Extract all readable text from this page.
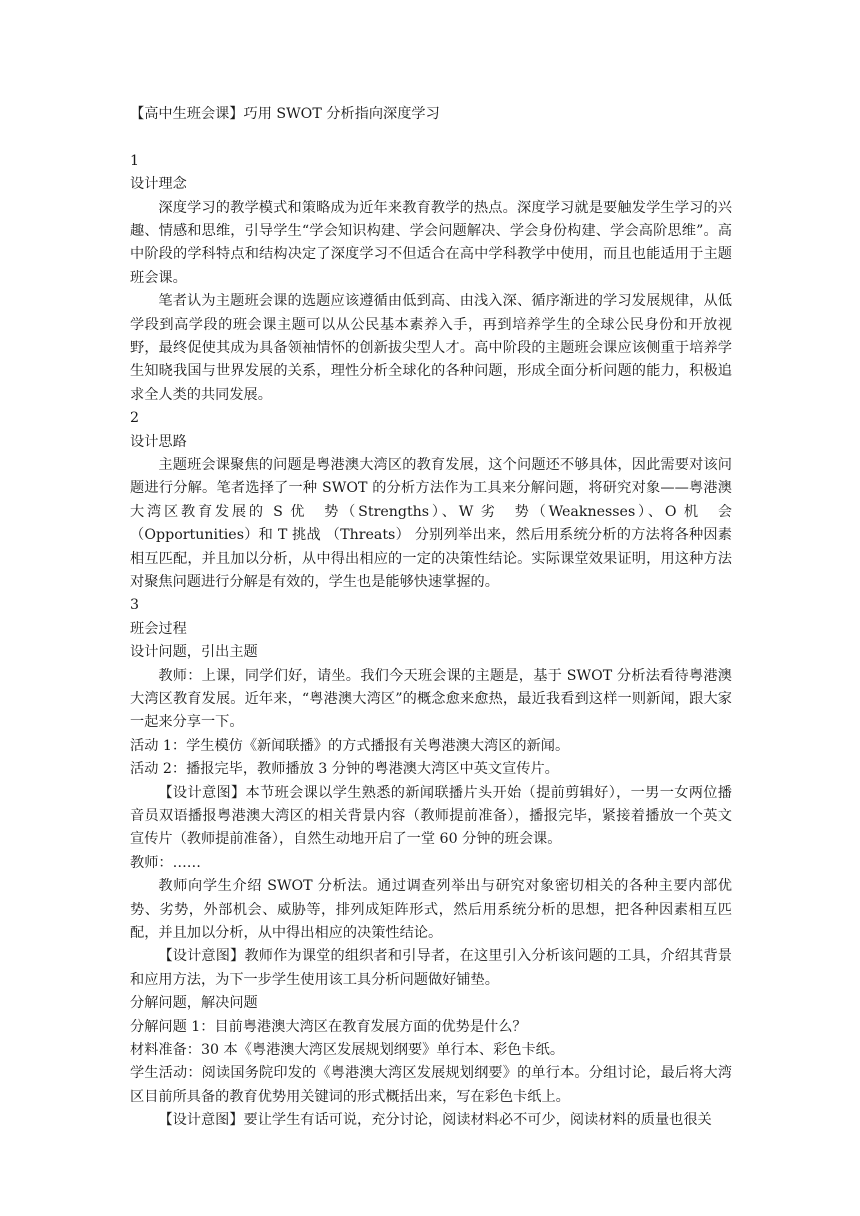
【高中生班会课】巧用 SWOT 分析指向深度学习
1
设计理念
深度学习的教学模式和策略成为近年来教育教学的热点。深度学习就是要触发学生学习的兴趣、情感和思维，引导学生“学会知识构建、学会问题解决、学会身份构建、学会高阶思维”。高中阶段的学科特点和结构决定了深度学习不但适合在高中学科教学中使用，而且也能适用于主题班会课。
笔者认为主题班会课的选题应该遵循由低到高、由浅入深、循序渐进的学习发展规律，从低学段到高学段的班会课主题可以从公民基本素养入手，再到培养学生的全球公民身份和开放视野，最终促使其成为具备领袖情怀的创新拔尖型人才。高中阶段的主题班会课应该侧重于培养学生知晓我国与世界发展的关系，理性分析全球化的各种问题，形成全面分析问题的能力，积极追求全人类的共同发展。
2
设计思路
主题班会课聚焦的问题是粤港澳大湾区的教育发展，这个问题还不够具体，因此需要对该问题进行分解。笔者选择了一种 SWOT 的分析方法作为工具来分解问题，将研究对象——粤港澳大湾区教育发展的 S 优　势（Strengths）、W 劣　势（Weaknesses）、O 机　会（Opportunities）和 T 挑战 （Threats） 分别列举出来，然后用系统分析的方法将各种因素相互匹配，并且加以分析，从中得出相应的一定的决策性结论。实际课堂效果证明，用这种方法对聚焦问题进行分解是有效的，学生也是能够快速掌握的。
3
班会过程
设计问题，引出主题
教师：上课，同学们好，请坐。我们今天班会课的主题是，基于 SWOT 分析法看待粤港澳大湾区教育发展。近年来，“粤港澳大湾区”的概念愈来愈热，最近我看到这样一则新闻，跟大家一起来分享一下。
活动 1：学生模仿《新闻联播》的方式播报有关粤港澳大湾区的新闻。
活动 2：播报完毕，教师播放 3 分钟的粤港澳大湾区中英文宣传片。
【设计意图】本节班会课以学生熟悉的新闻联播片头开始（提前剪辑好），一男一女两位播音员双语播报粤港澳大湾区的相关背景内容（教师提前准备），播报完毕，紧接着播放一个英文宣传片（教师提前准备），自然生动地开启了一堂 60 分钟的班会课。
教师：……
教师向学生介绍 SWOT 分析法。通过调查列举出与研究对象密切相关的各种主要内部优势、劣势，外部机会、威胁等，排列成矩阵形式，然后用系统分析的思想，把各种因素相互匹配，并且加以分析，从中得出相应的决策性结论。
【设计意图】教师作为课堂的组织者和引导者，在这里引入分析该问题的工具，介绍其背景和应用方法，为下一步学生使用该工具分析问题做好铺垫。
分解问题，解决问题
分解问题 1：目前粤港澳大湾区在教育发展方面的优势是什么？
材料准备：30 本《粤港澳大湾区发展规划纲要》单行本、彩色卡纸。
学生活动：阅读国务院印发的《粤港澳大湾区发展规划纲要》的单行本。分组讨论，最后将大湾区目前所具备的教育优势用关键词的形式概括出来，写在彩色卡纸上。
【设计意图】要让学生有话可说，充分讨论，阅读材料必不可少，阅读材料的质量也很关
